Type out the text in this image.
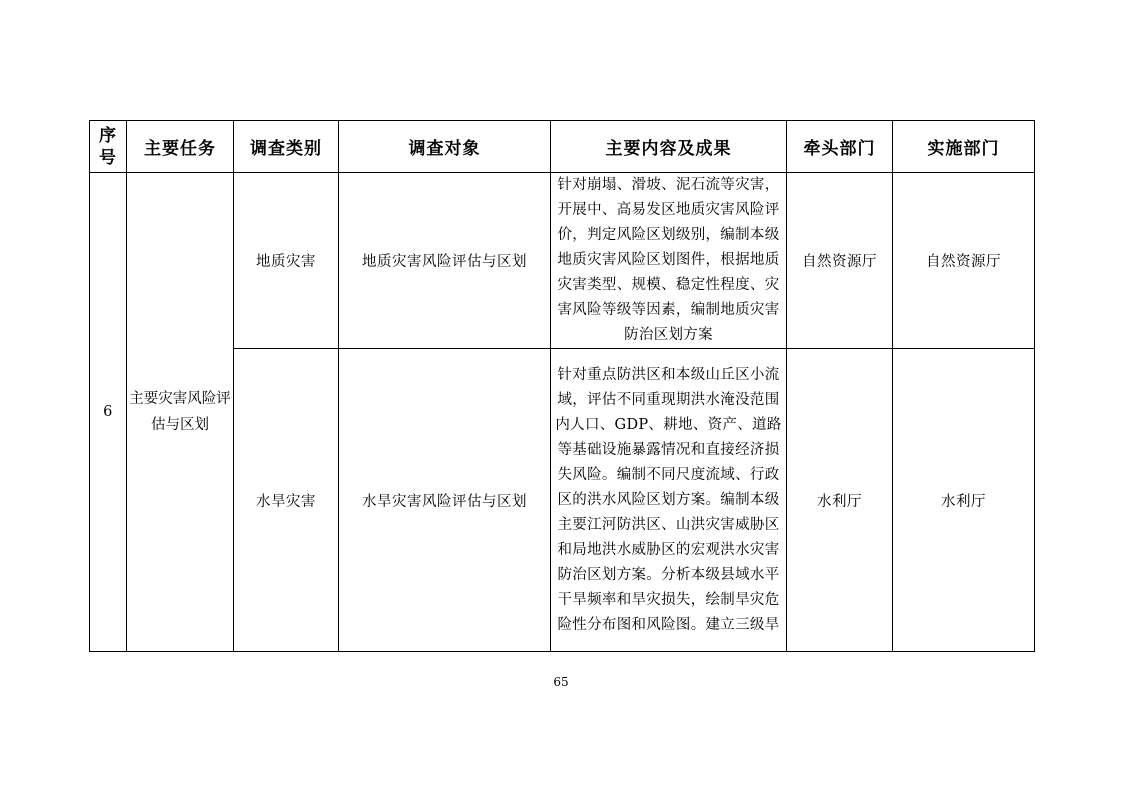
序
号	主要任务	调查类别	调查对象	主要内容及成果	牵头部门	实施部门
6	主要灾害风险评估与区划	地质灾害	地质灾害风险评估与区划	针对崩塌、滑坡、泥石流等灾害，开展中、高易发区地质灾害风险评价，判定风险区划级别，编制本级地质灾害风险区划图件，根据地质灾害类型、规模、稳定性程度、灾害风险等级等因素，编制地质灾害防治区划方案	自然资源厅	自然资源厅
		水旱灾害	水旱灾害风险评估与区划	针对重点防洪区和本级山丘区小流域，评估不同重现期洪水淹没范围内人口、GDP、耕地、资产、道路等基础设施暴露情况和直接经济损失风险。编制不同尺度流域、行政区的洪水风险区划方案。编制本级主要江河防洪区、山洪灾害威胁区和局地洪水威胁区的宏观洪水灾害防治区划方案。分析本级县域水平干旱频率和旱灾损失，绘制旱灾危险性分布图和风险图。建立三级旱	水利厅	水利厅
65
